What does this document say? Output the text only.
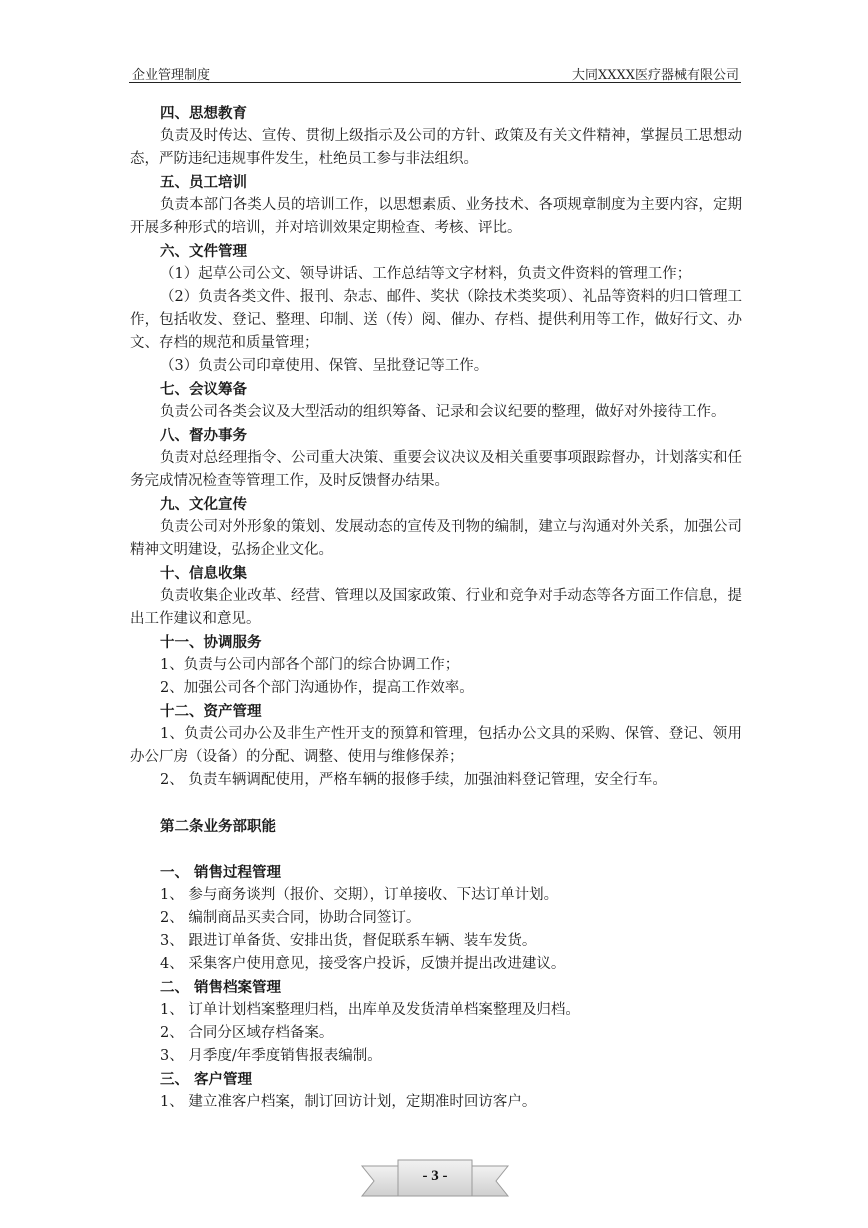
企业管理制度	大同XXXX医疗器械有限公司

四、思想教育

负责及时传达、宣传、贯彻上级指示及公司的方针、政策及有关文件精神，掌握员工思想动态，严防违纪违规事件发生，杜绝员工参与非法组织。

五、员工培训

负责本部门各类人员的培训工作，以思想素质、业务技术、各项规章制度为主要内容，定期开展多种形式的培训，并对培训效果定期检查、考核、评比。

六、文件管理

（1）起草公司公文、领导讲话、工作总结等文字材料，负责文件资料的管理工作；

（2）负责各类文件、报刊、杂志、邮件、奖状（除技术类奖项）、礼品等资料的归口管理工作，包括收发、登记、整理、印制、送（传）阅、催办、存档、提供利用等工作，做好行文、办文、存档的规范和质量管理；

（3）负责公司印章使用、保管、呈批登记等工作。

七、会议筹备

负责公司各类会议及大型活动的组织筹备、记录和会议纪要的整理，做好对外接待工作。

八、督办事务

负责对总经理指令、公司重大决策、重要会议决议及相关重要事项跟踪督办，计划落实和任务完成情况检查等管理工作，及时反馈督办结果。

九、文化宣传

负责公司对外形象的策划、发展动态的宣传及刊物的编制，建立与沟通对外关系，加强公司精神文明建设，弘扬企业文化。

十、信息收集

负责收集企业改革、经营、管理以及国家政策、行业和竞争对手动态等各方面工作信息，提出工作建议和意见。

十一、协调服务

1、负责与公司内部各个部门的综合协调工作；

2、加强公司各个部门沟通协作，提高工作效率。

十二、资产管理

1、负责公司办公及非生产性开支的预算和管理，包括办公文具的采购、保管、登记、领用办公厂房（设备）的分配、调整、使用与维修保养；

2、 负责车辆调配使用，严格车辆的报修手续，加强油料登记管理，安全行车。

第二条业务部职能

一、 销售过程管理

1、 参与商务谈判（报价、交期），订单接收、下达订单计划。

2、 编制商品买卖合同，协助合同签订。

3、 跟进订单备货、安排出货，督促联系车辆、装车发货。

4、 采集客户使用意见，接受客户投诉，反馈并提出改进建议。

二、 销售档案管理

1、 订单计划档案整理归档，出库单及发货清单档案整理及归档。

2、 合同分区域存档备案。

3、 月季度/年季度销售报表编制。

三、 客户管理

1、 建立准客户档案，制订回访计划，定期准时回访客户。

- 3 -
